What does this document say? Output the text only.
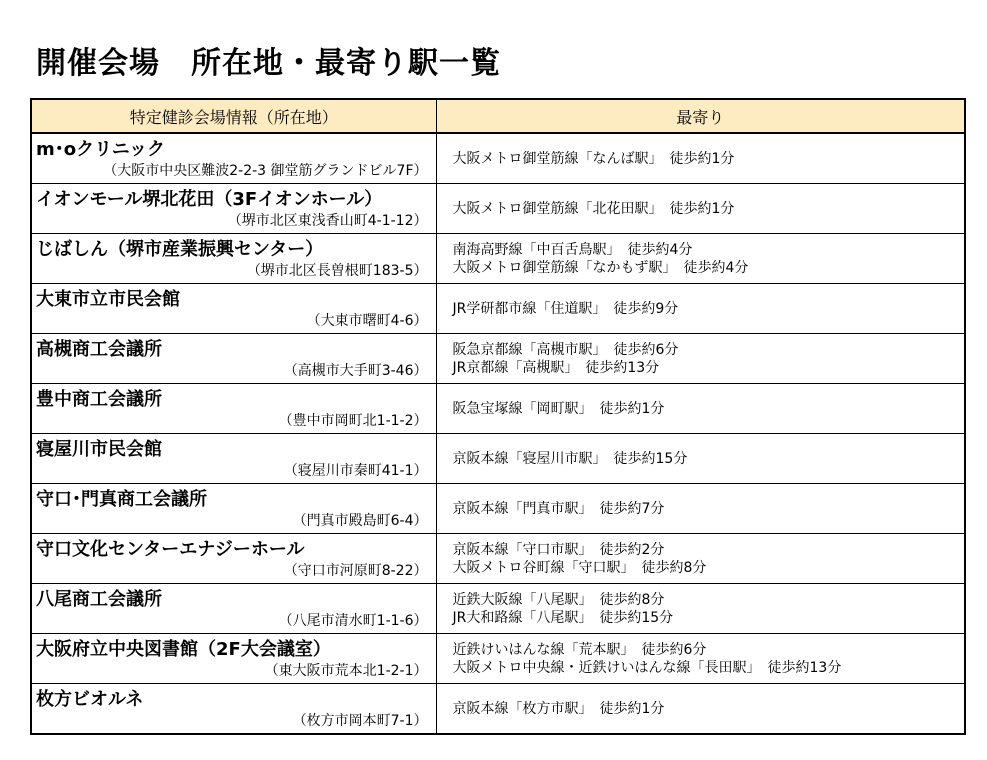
開催会場　所在地・最寄り駅一覧
特定健診会場情報（所在地）	最寄り

m･oクリニック
（大阪市中央区難波2-2-3 御堂筋グランドビル7F）	大阪メトロ御堂筋線「なんば駅」　徒歩約1分

イオンモール堺北花田（3Fイオンホール）
（堺市北区東浅香山町4-1-12）	大阪メトロ御堂筋線「北花田駅」　徒歩約1分

じばしん（堺市産業振興センター）
（堺市北区長曽根町183-5）	南海高野線「中百舌鳥駅」　徒歩約4分
大阪メトロ御堂筋線「なかもず駅」　徒歩約4分

大東市立市民会館
（大東市曙町4-6）	JR学研都市線「住道駅」　徒歩約9分

高槻商工会議所
（高槻市大手町3-46）	阪急京都線「高槻市駅」　徒歩約6分
JR京都線「高槻駅」　徒歩約13分

豊中商工会議所
（豊中市岡町北1-1-2）	阪急宝塚線「岡町駅」　徒歩約1分

寝屋川市民会館
（寝屋川市秦町41-1）	京阪本線「寝屋川市駅」　徒歩約15分

守口･門真商工会議所
（門真市殿島町6-4）	京阪本線「門真市駅」　徒歩約7分

守口文化センターエナジーホール
（守口市河原町8-22）	京阪本線「守口市駅」　徒歩約2分
大阪メトロ谷町線「守口駅」　徒歩約8分

八尾商工会議所
（八尾市清水町1-1-6）	近鉄大阪線「八尾駅」　徒歩約8分
JR大和路線「八尾駅」　徒歩約15分

大阪府立中央図書館（2F大会議室）
（東大阪市荒本北1-2-1）	近鉄けいはんな線「荒本駅」　徒歩約6分
大阪メトロ中央線・近鉄けいはんな線「長田駅」　徒歩約13分

枚方ビオルネ
（枚方市岡本町7-1）	京阪本線「枚方市駅」　徒歩約1分
